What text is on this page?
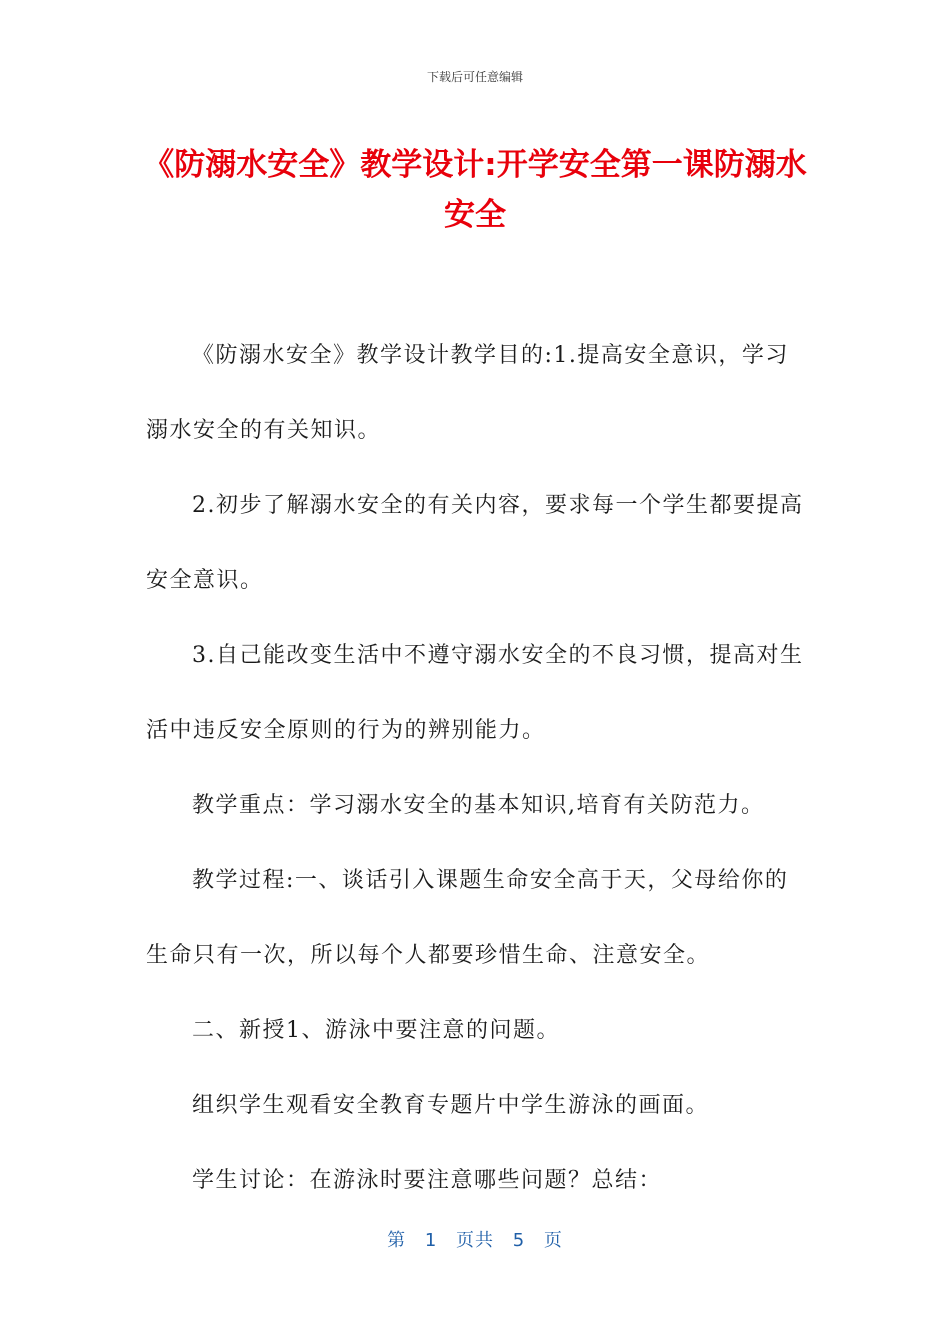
下载后可任意编辑
《防溺水安全》教学设计:开学安全第一课防溺水安全

《防溺水安全》教学设计教学目的:1.提高安全意识，学习溺水安全的有关知识。

2.初步了解溺水安全的有关内容，要求每一个学生都要提高安全意识。

3.自己能改变生活中不遵守溺水安全的不良习惯，提高对生活中违反安全原则的行为的辨别能力。

教学重点：学习溺水安全的基本知识,培育有关防范力。

教学过程:一、谈话引入课题生命安全高于天，父母给你的生命只有一次，所以每个人都要珍惜生命、注意安全。

二、新授1、游泳中要注意的问题。

组织学生观看安全教育专题片中学生游泳的画面。

学生讨论：在游泳时要注意哪些问题？总结：

第 1 页共 5 页
